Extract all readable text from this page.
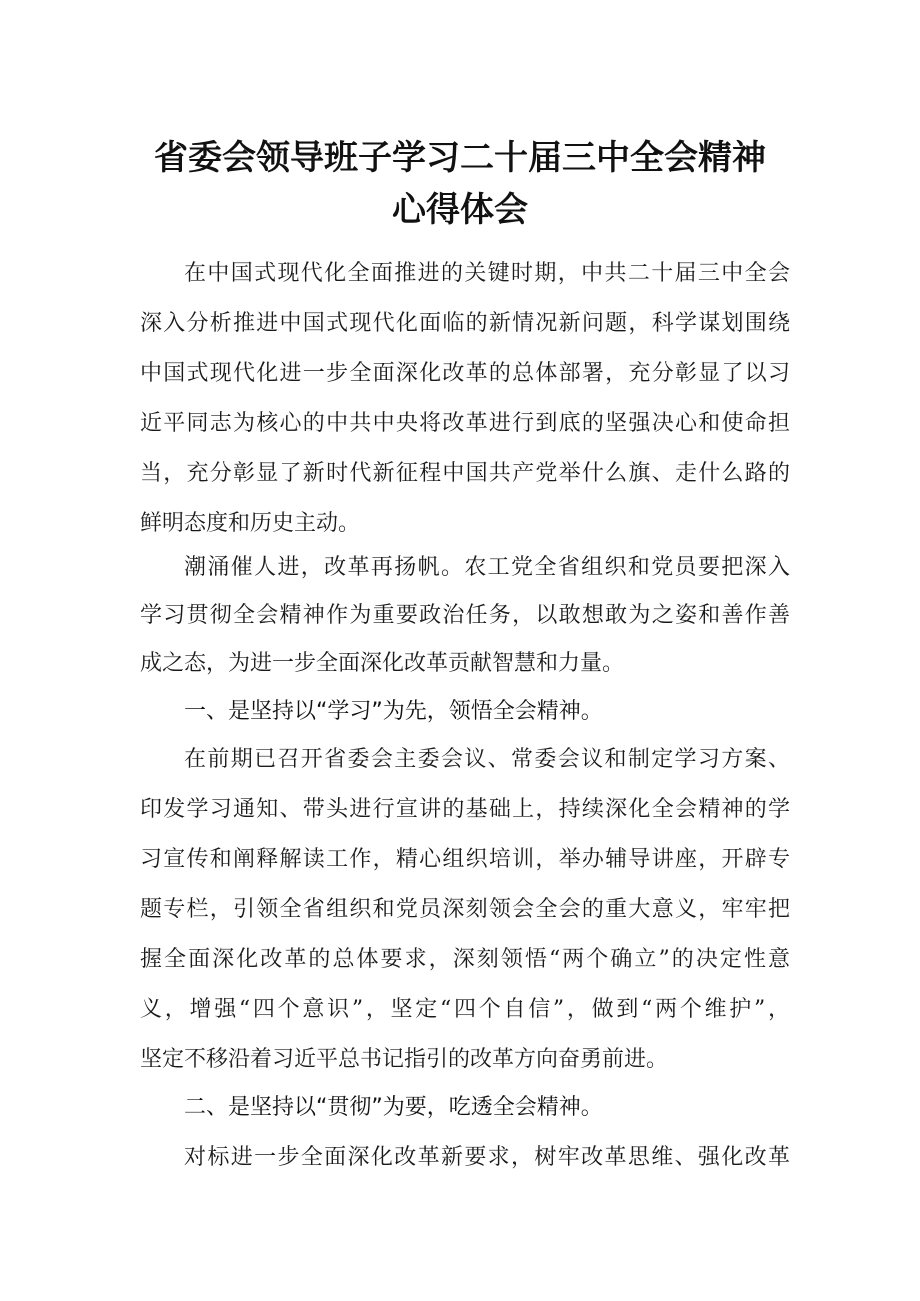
省委会领导班子学习二十届三中全会精神
心得体会
在中国式现代化全面推进的关键时期，中共二十届三中全会
深入分析推进中国式现代化面临的新情况新问题，科学谋划围绕
中国式现代化进一步全面深化改革的总体部署，充分彰显了以习
近平同志为核心的中共中央将改革进行到底的坚强决心和使命担
当，充分彰显了新时代新征程中国共产党举什么旗、走什么路的
鲜明态度和历史主动。
潮涌催人进，改革再扬帆。农工党全省组织和党员要把深入
学习贯彻全会精神作为重要政治任务，以敢想敢为之姿和善作善
成之态，为进一步全面深化改革贡献智慧和力量。
一、是坚持以“学习”为先，领悟全会精神。
在前期已召开省委会主委会议、常委会议和制定学习方案、
印发学习通知、带头进行宣讲的基础上，持续深化全会精神的学
习宣传和阐释解读工作，精心组织培训，举办辅导讲座，开辟专
题专栏，引领全省组织和党员深刻领会全会的重大意义，牢牢把
握全面深化改革的总体要求，深刻领悟“两个确立”的决定性意
义，增强“四个意识”，坚定“四个自信”，做到“两个维护”，
坚定不移沿着习近平总书记指引的改革方向奋勇前进。
二、是坚持以“贯彻”为要，吃透全会精神。
对标进一步全面深化改革新要求，树牢改革思维、强化改革
